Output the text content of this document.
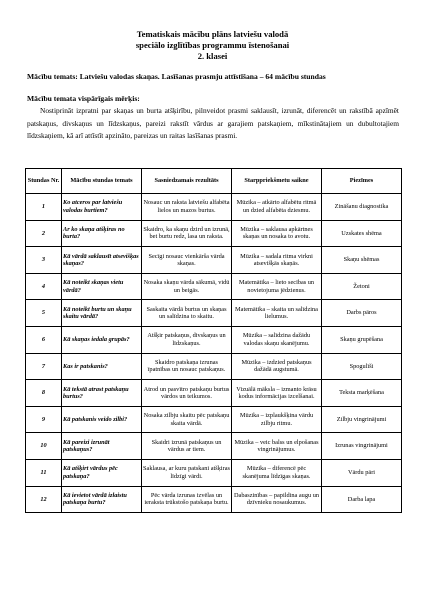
Tematiskais mācību plāns latviešu valodā
speciālo izglītības programmu īstenošanai
2. klasei
Mācību temats: Latviešu valodas skaņas. Lasīšanas prasmju attīstīšana – 64 mācību stundas
Mācību temata vispārīgais mērķis:
Nostiprināt izpratni par skaņas un burta atšķirību, pilnveidot prasmi saklausīt, izrunāt, diferencēt un rakstībā apzīmēt patskaņus, divskaņus un līdzskaņus, pareizi rakstīt vārdus ar garajiem patskaņiem, mīkstinātajiem un dubultotajiem līdzskaņiem, kā arī attīstīt apzināto, pareizas un raitas lasīšanas prasmi.
Stundas Nr.	Mācību stundas temats	Sasniedzamais rezultāts	Starppriekšmetu saikne	Piezīmes
1	Ko atceros par latviešu valodas burtiem?	Nosauc un raksta latviešu alfabēta lielos un mazos burtus.	Mūzika – atkārto alfabētu ritmā un dzied alfabēta dziesmu.	Zināšanu diagnostika
2	Ar ko skaņa atšķiras no burta?	Skaidro, ka skaņu dzird un izrunā, bet burtu redz, lasa un raksta.	Mūzika – saklausa apkārtnes skaņas un nosaka to avotu.	Uzskates shēma
3	Kā vārdā saklausīt atsevišķas skaņas?	Secīgi nosauc vienkārša vārda skaņas.	Mūzika – sadala ritma virkni atsevišķās skaņās.	Skaņu shēmas
4	Kā noteikt skaņas vietu vārdā?	Nosaka skaņu vārda sākumā, vidū un beigās.	Matemātika – lieto secības un novietojuma jēdzienus.	Žetoni
5	Kā noteikt burtu un skaņu skaitu vārdā?	Saskaita vārdā burtus un skaņas un salīdzina to skaitu.	Matemātika – skaita un salīdzina lielumus.	Darbs pāros
6	Kā skaņas iedala grupās?	Atšķir patskaņus, divskaņus un līdzskaņus.	Mūzika – salīdzina dažādu valodas skaņu skanējumu.	Skaņu grupēšana
7	Kas ir patskanis?	Skaidro patskaņa izrunas īpatnības un nosauc patskaņus.	Mūzika – izdzied patskaņus dažādā augstumā.	Spogulīši
8	Kā tekstā atrast patskaņu burtus?	Atrod un pasvītro patskaņu burtus vārdos un teikumos.	Vizuālā māksla – izmanto krāsu kodus informācijas izcelšanai.	Teksta marķēšana
9	Kā patskanis veido zilbi?	Nosaka zilbju skaitu pēc patskaņu skaita vārdā.	Mūzika – izplaukšķina vārdu zilbju ritmu.	Zilbju vingrinājumi
10	Kā pareizi izrunāt patskaņus?	Skaidri izrunā patskaņus un vārdus ar tiem.	Mūzika – veic balss un elpošanas vingrinājumus.	Izrunas vingrinājumi
11	Kā atšķirt vārdus pēc patskaņa?	Saklausa, ar kuru patskani atšķiras līdzīgi vārdi.	Mūzika – diferencē pēc skanējuma līdzīgas skaņas.	Vārdu pāri
12	Kā ievietot vārdā izlaistu patskaņa burtu?	Pēc vārda izrunas izvēlas un ieraksta trūkstošo patskaņa burtu.	Dabaszinības – papildina augu un dzīvnieku nosaukumus.	Darba lapa
